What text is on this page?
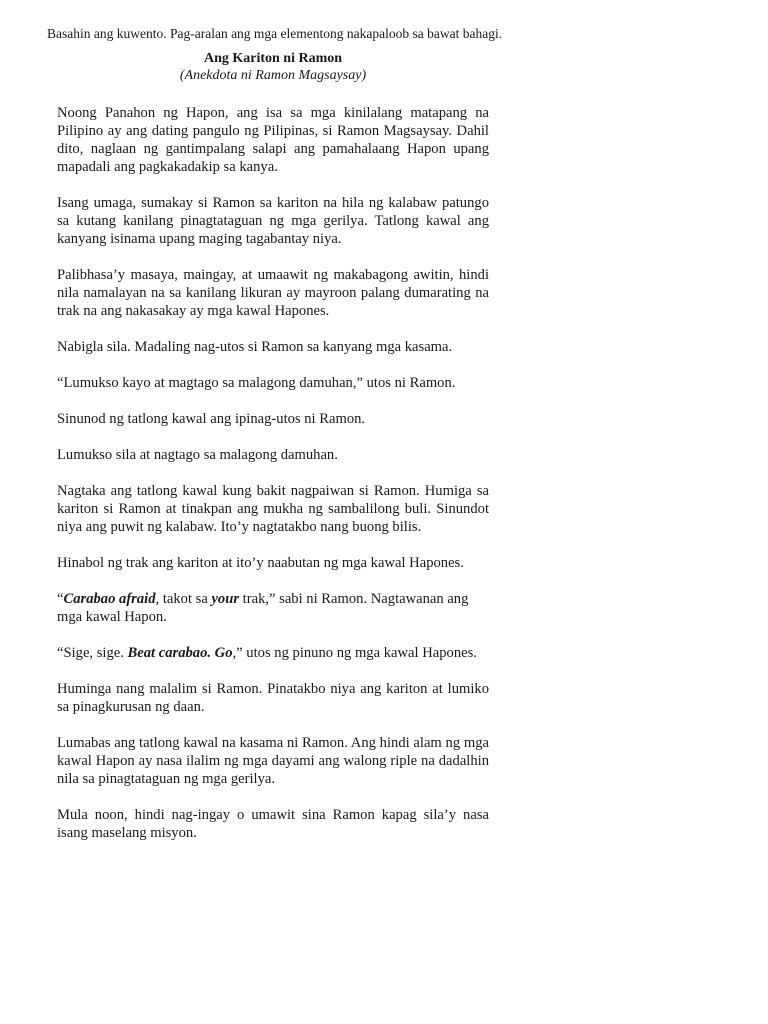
Basahin ang kuwento. Pag-aralan ang mga elementong nakapaloob sa bawat bahagi.
Ang Kariton ni Ramon
(Anekdota ni Ramon Magsaysay)

Noong Panahon ng Hapon, ang isa sa mga kinilalang matapang na Pilipino ay ang dating pangulo ng Pilipinas, si Ramon Magsaysay. Dahil dito, naglaan ng gantimpalang salapi ang pamahalaang Hapon upang mapadali ang pagkakadakip sa kanya.

Isang umaga, sumakay si Ramon sa kariton na hila ng kalabaw patungo sa kutang kanilang pinagtataguan ng mga gerilya. Tatlong kawal ang kanyang isinama upang maging tagabantay niya.

Palibhasa’y masaya, maingay, at umaawit ng makabagong awitin, hindi nila namalayan na sa kanilang likuran ay mayroon palang dumarating na trak na ang nakasakay ay mga kawal Hapones.

Nabigla sila. Madaling nag-utos si Ramon sa kanyang mga kasama.

“Lumukso kayo at magtago sa malagong damuhan,” utos ni Ramon.

Sinunod ng tatlong kawal ang ipinag-utos ni Ramon.

Lumukso sila at nagtago sa malagong damuhan.

Nagtaka ang tatlong kawal kung bakit nagpaiwan si Ramon. Humiga sa kariton si Ramon at tinakpan ang mukha ng sambalilong buli. Sinundot niya ang puwit ng kalabaw. Ito’y nagtatakbo nang buong bilis.

Hinabol ng trak ang kariton at ito’y naabutan ng mga kawal Hapones.

“Carabao afraid, takot sa your trak,” sabi ni Ramon. Nagtawanan ang mga kawal Hapon.

“Sige, sige. Beat carabao. Go,” utos ng pinuno ng mga kawal Hapones.

Huminga nang malalim si Ramon. Pinatakbo niya ang kariton at lumiko sa pinagkurusan ng daan.

Lumabas ang tatlong kawal na kasama ni Ramon. Ang hindi alam ng mga kawal Hapon ay nasa ilalim ng mga dayami ang walong riple na dadalhin nila sa pinagtataguan ng mga gerilya.

Mula noon, hindi nag-ingay o umawit sina Ramon kapag sila’y nasa isang maselang misyon.
